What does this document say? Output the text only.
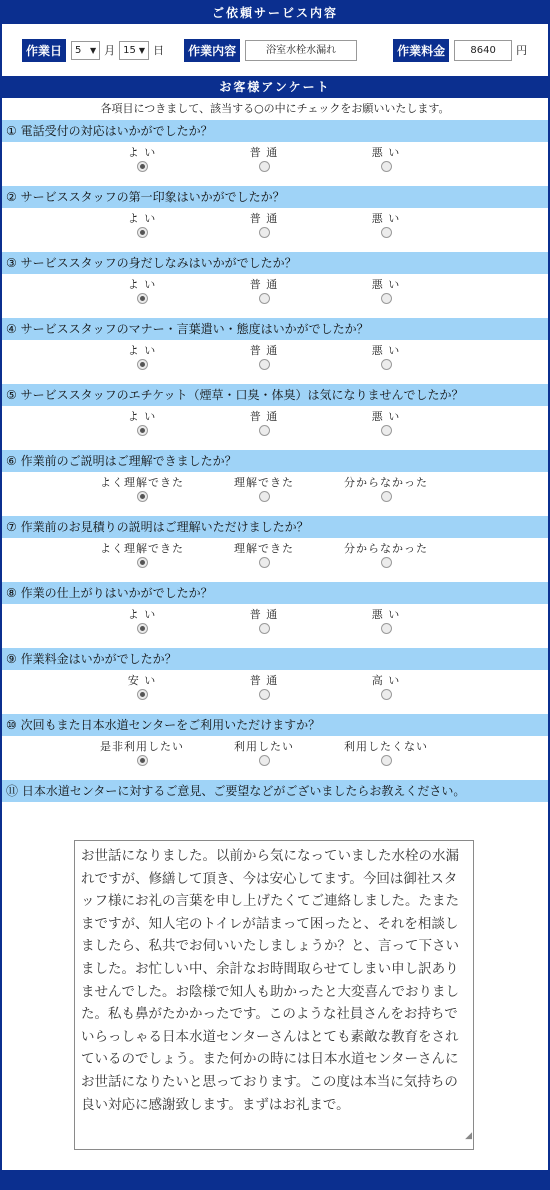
ご依頼サービス内容
作業日	5 ▼ 月 15 ▼ 日	作業内容	浴室水栓水漏れ	作業料金	8640	円
お客様アンケート
各項目につきまして、該当する○の中にチェックをお願いいたします。
① 電話受付の対応はいかがでしたか？
よ い	普 通	悪 い
② サービススタッフの第一印象はいかがでしたか？
よ い	普 通	悪 い
③ サービススタッフの身だしなみはいかがでしたか？
よ い	普 通	悪 い
④ サービススタッフのマナー・言葉遣い・態度はいかがでしたか？
よ い	普 通	悪 い
⑤ サービススタッフのエチケット（煙草・口臭・体臭）は気になりませんでしたか？
よ い	普 通	悪 い
⑥ 作業前のご説明はご理解できましたか？
よく理解できた	理解できた	分からなかった
⑦ 作業前のお見積りの説明はご理解いただけましたか？
よく理解できた	理解できた	分からなかった
⑧ 作業の仕上がりはいかがでしたか？
よ い	普 通	悪 い
⑨ 作業料金はいかがでしたか？
安 い	普 通	高 い
⑩ 次回もまた日本水道センターをご利用いただけますか？
是非利用したい	利用したい	利用したくない
⑪ 日本水道センターに対するご意見、ご要望などがございましたらお教えください。
お世話になりました。以前から気になっていました水栓の水漏れですが、修繕して頂き、今は安心してます。今回は御社スタッフ様にお礼の言葉を申し上げたくてご連絡しました。たまたまですが、知人宅のトイレが詰まって困ったと、それを相談しましたら、私共でお伺いいたしましょうか？と、言って下さいました。お忙しい中、余計なお時間取らせてしまい申し訳ありませんでした。お陰様で知人も助かったと大変喜んでおりました。私も鼻がたかかったです。このような社員さんをお持ちでいらっしゃる日本水道センターさんはとても素敵な教育をされているのでしょう。また何かの時には日本水道センターさんにお世話になりたいと思っております。この度は本当に気持ちの良い対応に感謝致します。まずはお礼まで。
◢
